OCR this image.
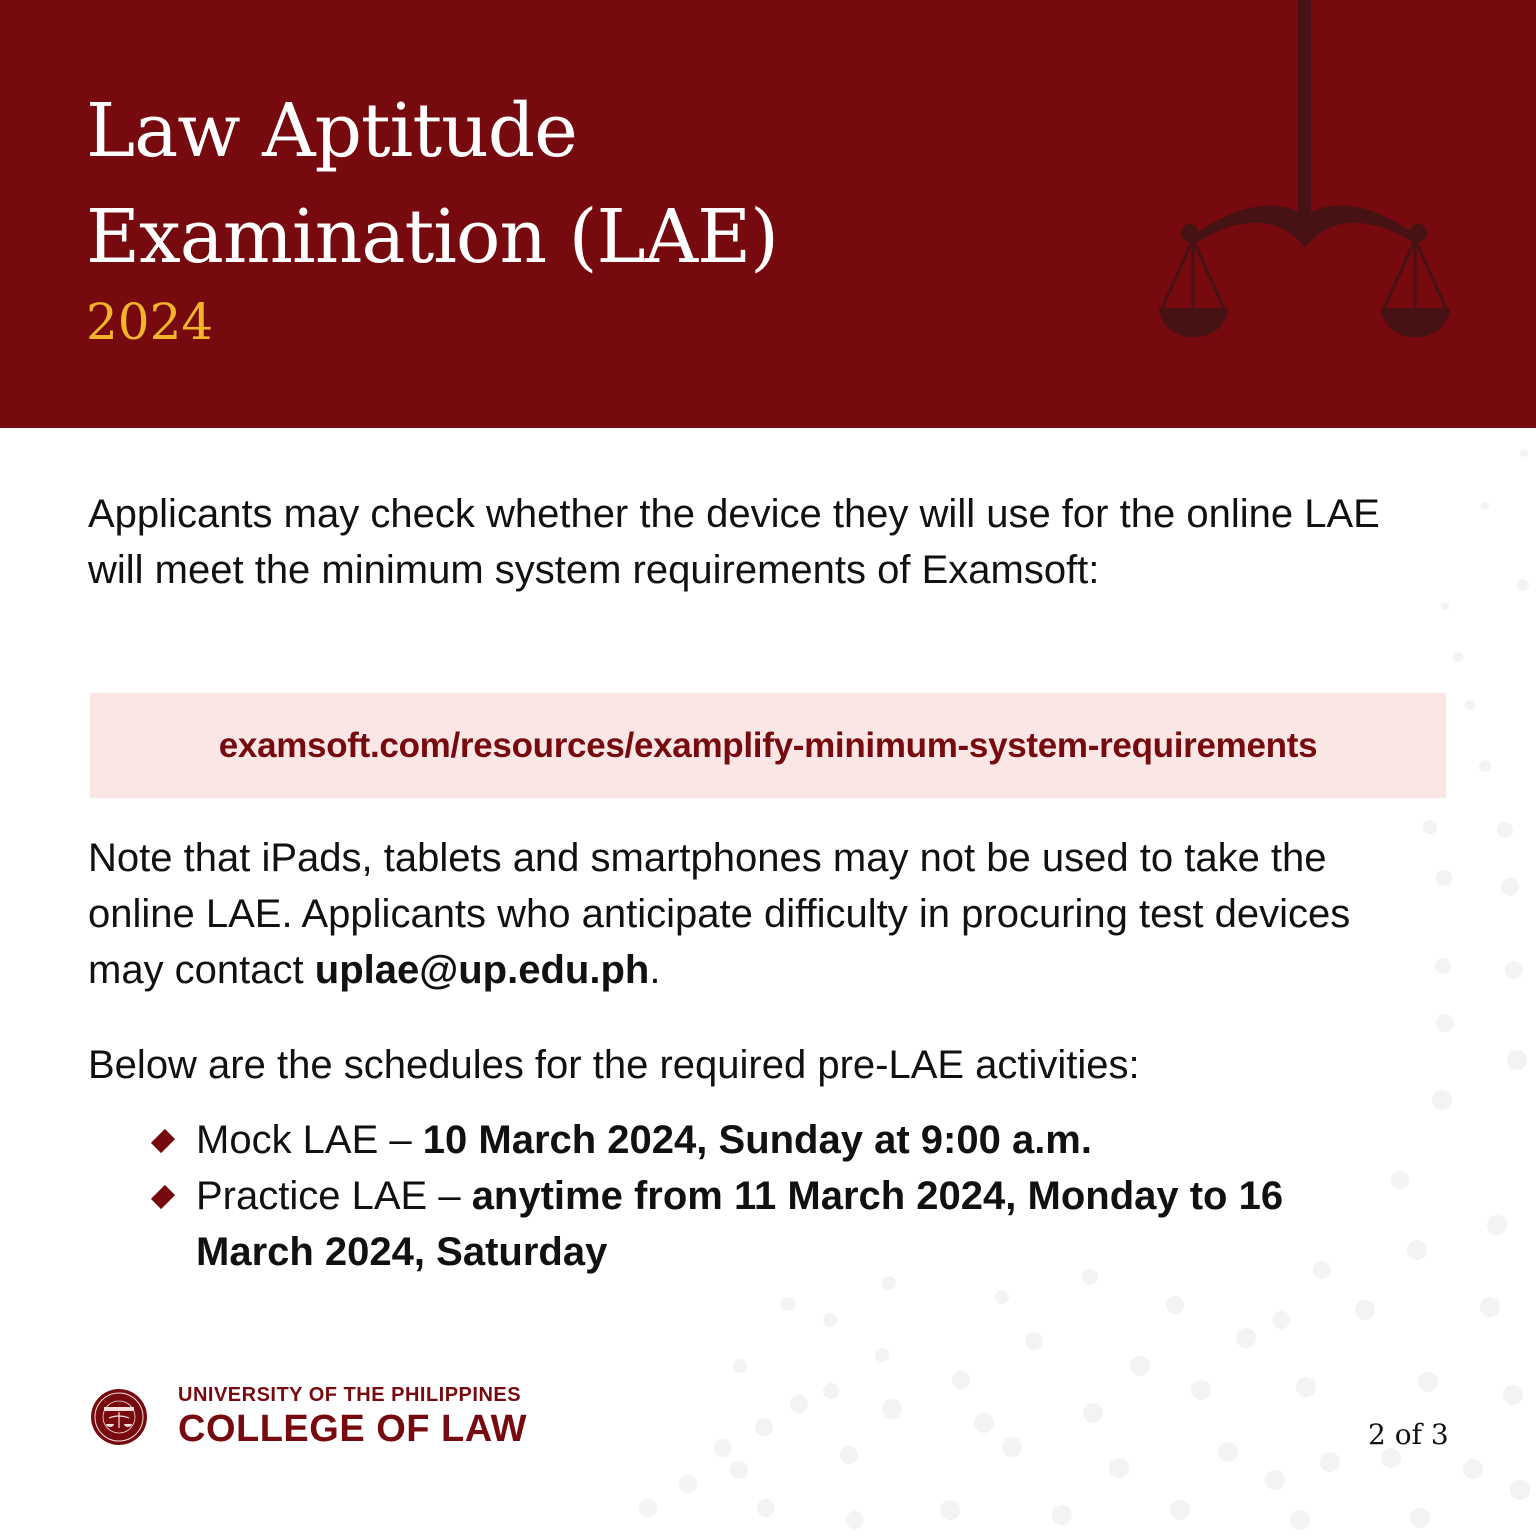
Law Aptitude
Examination (LAE)
2024

Applicants may check whether the device they will use for the online LAE will meet the minimum system requirements of Examsoft:

examsoft.com/resources/examplify-minimum-system-requirements

Note that iPads, tablets and smartphones may not be used to take the online LAE. Applicants who anticipate difficulty in procuring test devices may contact uplae@up.edu.ph.

Below are the schedules for the required pre-LAE activities:

Mock LAE – 10 March 2024, Sunday at 9:00 a.m.
Practice LAE – anytime from 11 March 2024, Monday to 16 March 2024, Saturday
UNIVERSITY OF THE PHILIPPINES
COLLEGE OF LAW	2 of 3
